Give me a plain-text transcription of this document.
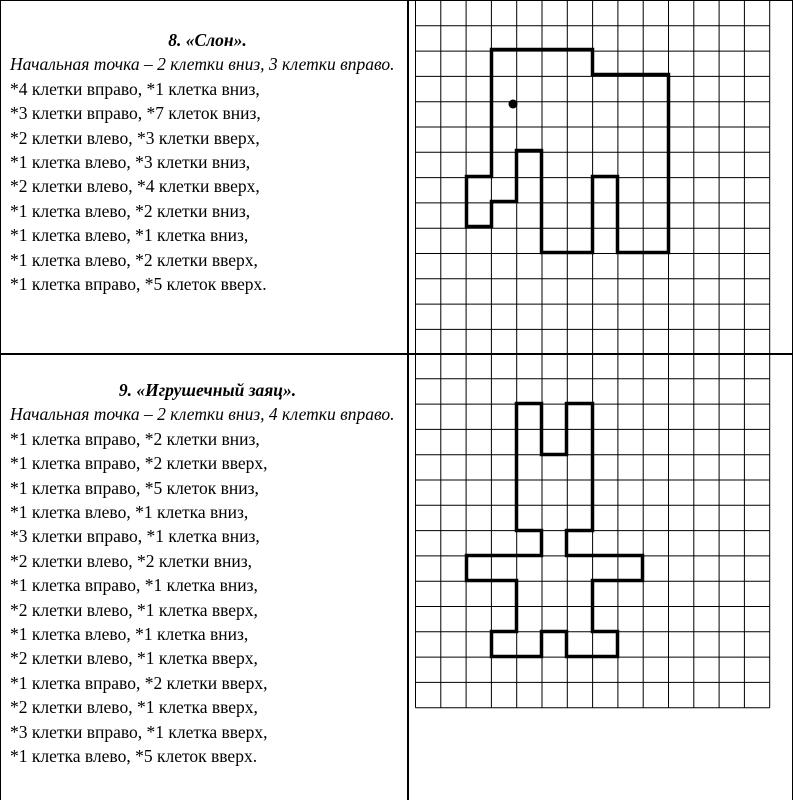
8. «Слон».
Начальная точка – 2 клетки вниз, 3 клетки вправо.
*4 клетки вправо, *1 клетка вниз,
*3 клетки вправо, *7 клеток вниз,
*2 клетки влево, *3 клетки вверх,
*1 клетка влево, *3 клетки вниз,
*2 клетки влево, *4 клетки вверх,
*1 клетка влево, *2 клетки вниз,
*1 клетка влево, *1 клетка вниз,
*1 клетка влево, *2 клетки вверх,
*1 клетка вправо, *5 клеток вверх.
9. «Игрушечный заяц».
Начальная точка – 2 клетки вниз, 4 клетки вправо.
*1 клетка вправо, *2 клетки вниз,
*1 клетка вправо, *2 клетки вверх,
*1 клетка вправо, *5 клеток вниз,
*1 клетка влево, *1 клетка вниз,
*3 клетки вправо, *1 клетка вниз,
*2 клетки влево, *2 клетки вниз,
*1 клетка вправо, *1 клетка вниз,
*2 клетки влево, *1 клетка вверх,
*1 клетка влево, *1 клетка вниз,
*2 клетки влево, *1 клетка вверх,
*1 клетка вправо, *2 клетки вверх,
*2 клетки влево, *1 клетка вверх,
*3 клетки вправо, *1 клетка вверх,
*1 клетка влево, *5 клеток вверх.
